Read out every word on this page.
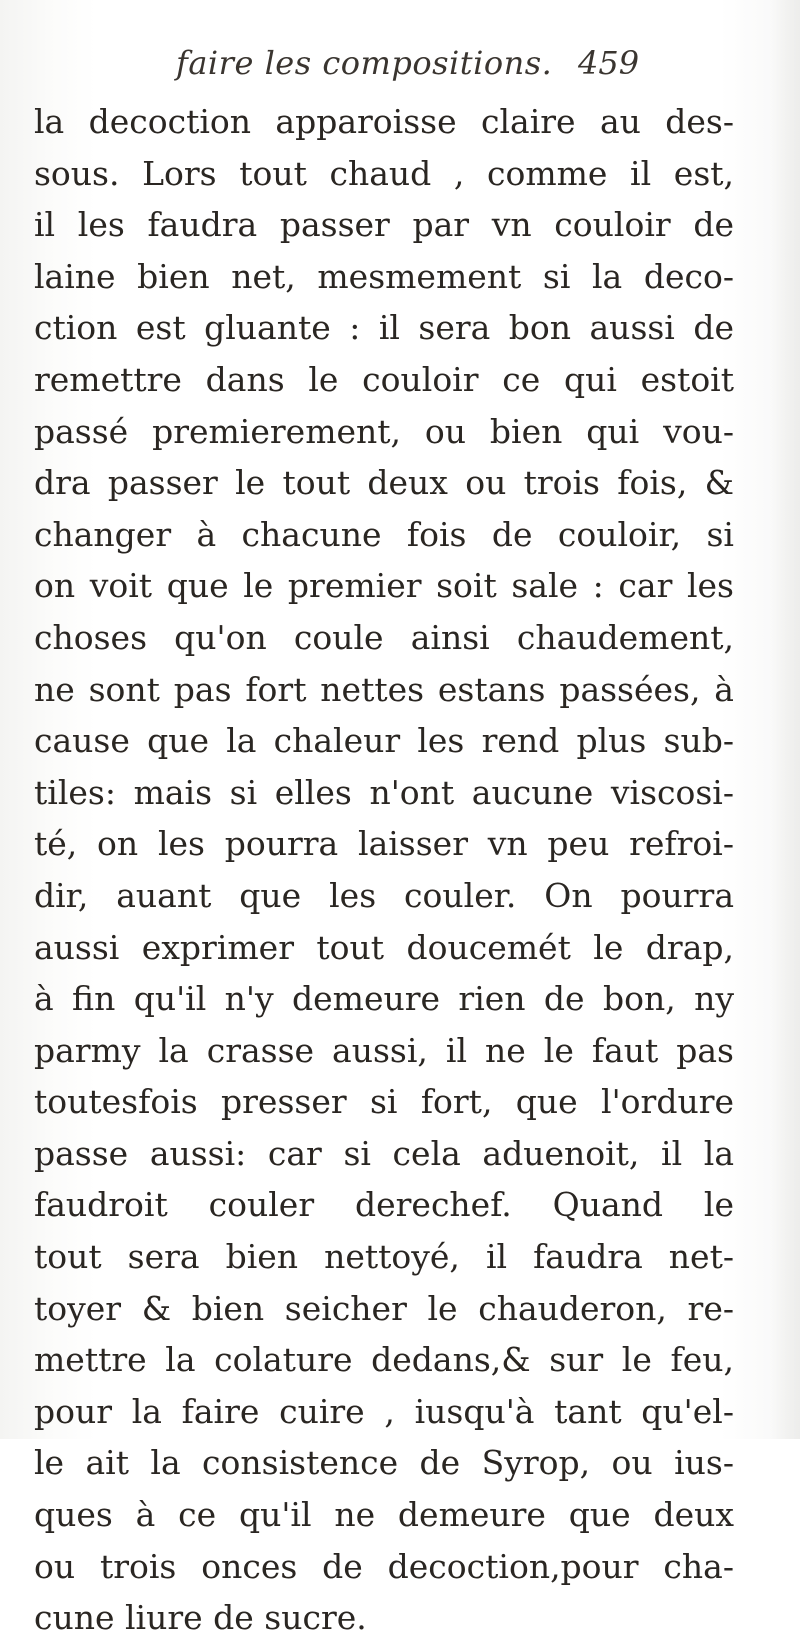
faire les compositions. 459
la decoction apparoisse claire au des-
sous. Lors tout chaud , comme il est,
il les faudra passer par vn couloir de
laine bien net, mesmement si la deco-
ction est gluante : il sera bon aussi de
remettre dans le couloir ce qui estoit
passé premierement, ou bien qui vou-
dra passer le tout deux ou trois fois, &
changer à chacune fois de couloir, si
on voit que le premier soit sale : car les
choses qu'on coule ainsi chaudement,
ne sont pas fort nettes estans passées, à
cause que la chaleur les rend plus sub-
tiles: mais si elles n'ont aucune viscosi-
té, on les pourra laisser vn peu refroi-
dir, auant que les couler. On pourra
aussi exprimer tout doucemét le drap,
à fin qu'il n'y demeure rien de bon, ny
parmy la crasse aussi, il ne le faut pas
toutesfois presser si fort, que l'ordure
passe aussi: car si cela aduenoit, il la
faudroit couler derechef. Quand le
tout sera bien nettoyé, il faudra net-
toyer & bien seicher le chauderon, re-
mettre la colature dedans,& sur le feu,
pour la faire cuire , iusqu'à tant qu'el-
le ait la consistence de Syrop, ou ius-
ques à ce qu'il ne demeure que deux
ou trois onces de decoction,pour cha-
cune liure de sucre.
